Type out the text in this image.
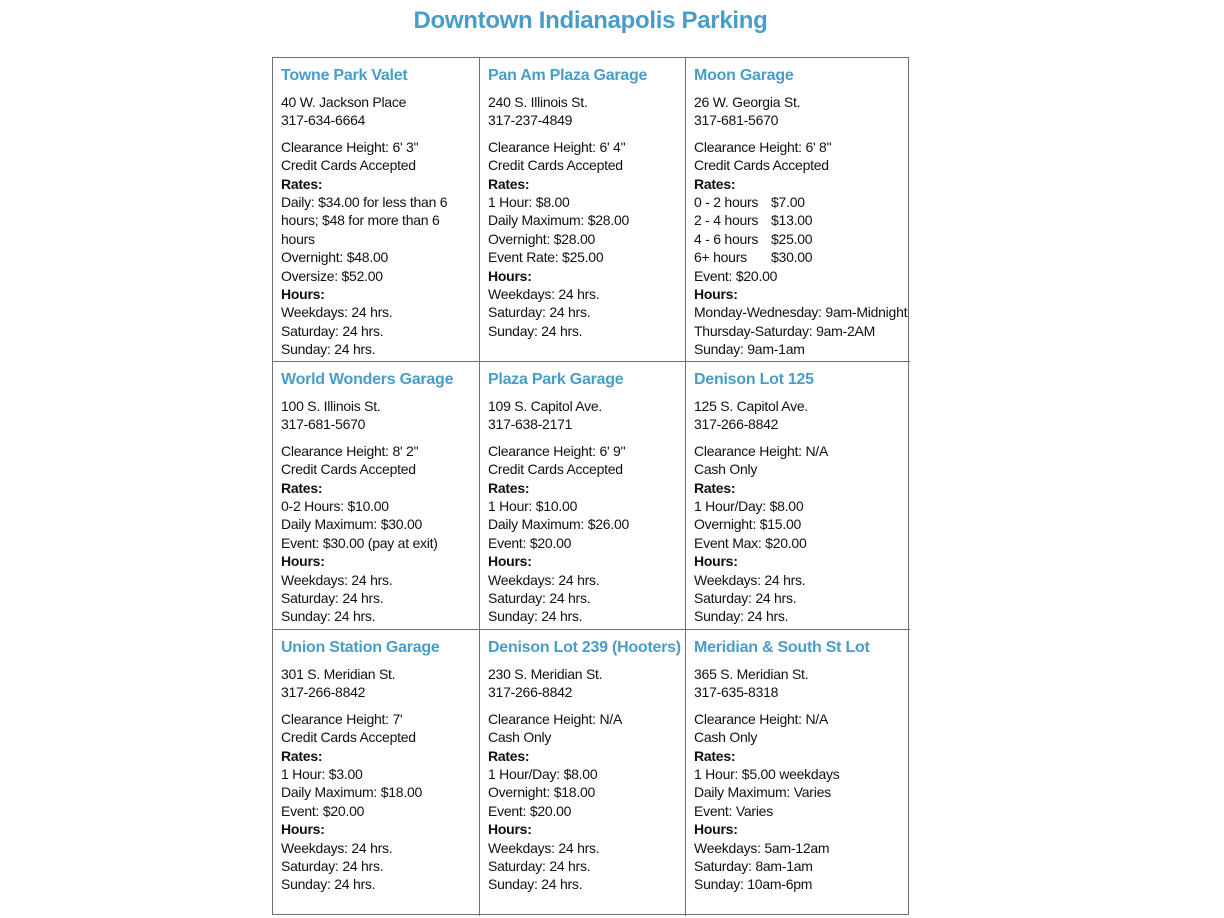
Downtown Indianapolis Parking
Towne Park Valet
40 W. Jackson Place
317-634-6664
Clearance Height: 6' 3"
Credit Cards Accepted
Rates:
Daily: $34.00 for less than 6 hours; $48 for more than 6 hours
Overnight: $48.00
Oversize: $52.00
Hours:
Weekdays: 24 hrs.
Saturday: 24 hrs.
Sunday: 24 hrs.
Pan Am Plaza Garage
240 S. Illinois St.
317-237-4849
Clearance Height: 6' 4"
Credit Cards Accepted
Rates:
1 Hour: $8.00
Daily Maximum: $28.00
Overnight: $28.00
Event Rate: $25.00
Hours:
Weekdays: 24 hrs.
Saturday: 24 hrs.
Sunday: 24 hrs.
Moon Garage
26 W. Georgia St.
317-681-5670
Clearance Height: 6' 8"
Credit Cards Accepted
Rates:
0 - 2 hours $7.00
2 - 4 hours $13.00
4 - 6 hours $25.00
6+ hours	$30.00
Event: $20.00
Hours:
Monday-Wednesday: 9am-Midnight
Thursday-Saturday: 9am-2AM
Sunday: 9am-1am
World Wonders Garage
100 S. Illinois St.
317-681-5670
Clearance Height: 8' 2"
Credit Cards Accepted
Rates:
0-2 Hours: $10.00
Daily Maximum: $30.00
Event: $30.00 (pay at exit)
Hours:
Weekdays: 24 hrs.
Saturday: 24 hrs.
Sunday: 24 hrs.
Plaza Park Garage
109 S. Capitol Ave.
317-638-2171
Clearance Height: 6' 9"
Credit Cards Accepted
Rates:
1 Hour: $10.00
Daily Maximum: $26.00
Event: $20.00
Hours:
Weekdays: 24 hrs.
Saturday: 24 hrs.
Sunday: 24 hrs.
Denison Lot 125
125 S. Capitol Ave.
317-266-8842
Clearance Height: N/A
Cash Only
Rates:
1 Hour/Day: $8.00
Overnight: $15.00
Event Max: $20.00
Hours:
Weekdays: 24 hrs.
Saturday: 24 hrs.
Sunday: 24 hrs.
Union Station Garage
301 S. Meridian St.
317-266-8842
Clearance Height: 7'
Credit Cards Accepted
Rates:
1 Hour: $3.00
Daily Maximum: $18.00
Event: $20.00
Hours:
Weekdays: 24 hrs.
Saturday: 24 hrs.
Sunday: 24 hrs.
Denison Lot 239 (Hooters)
230 S. Meridian St.
317-266-8842
Clearance Height: N/A
Cash Only
Rates:
1 Hour/Day: $8.00
Overnight: $18.00
Event: $20.00
Hours:
Weekdays: 24 hrs.
Saturday: 24 hrs.
Sunday: 24 hrs.
Meridian & South St Lot
365 S. Meridian St.
317-635-8318
Clearance Height: N/A
Cash Only
Rates:
1 Hour: $5.00 weekdays
Daily Maximum: Varies
Event: Varies
Hours:
Weekdays: 5am-12am
Saturday: 8am-1am
Sunday: 10am-6pm
